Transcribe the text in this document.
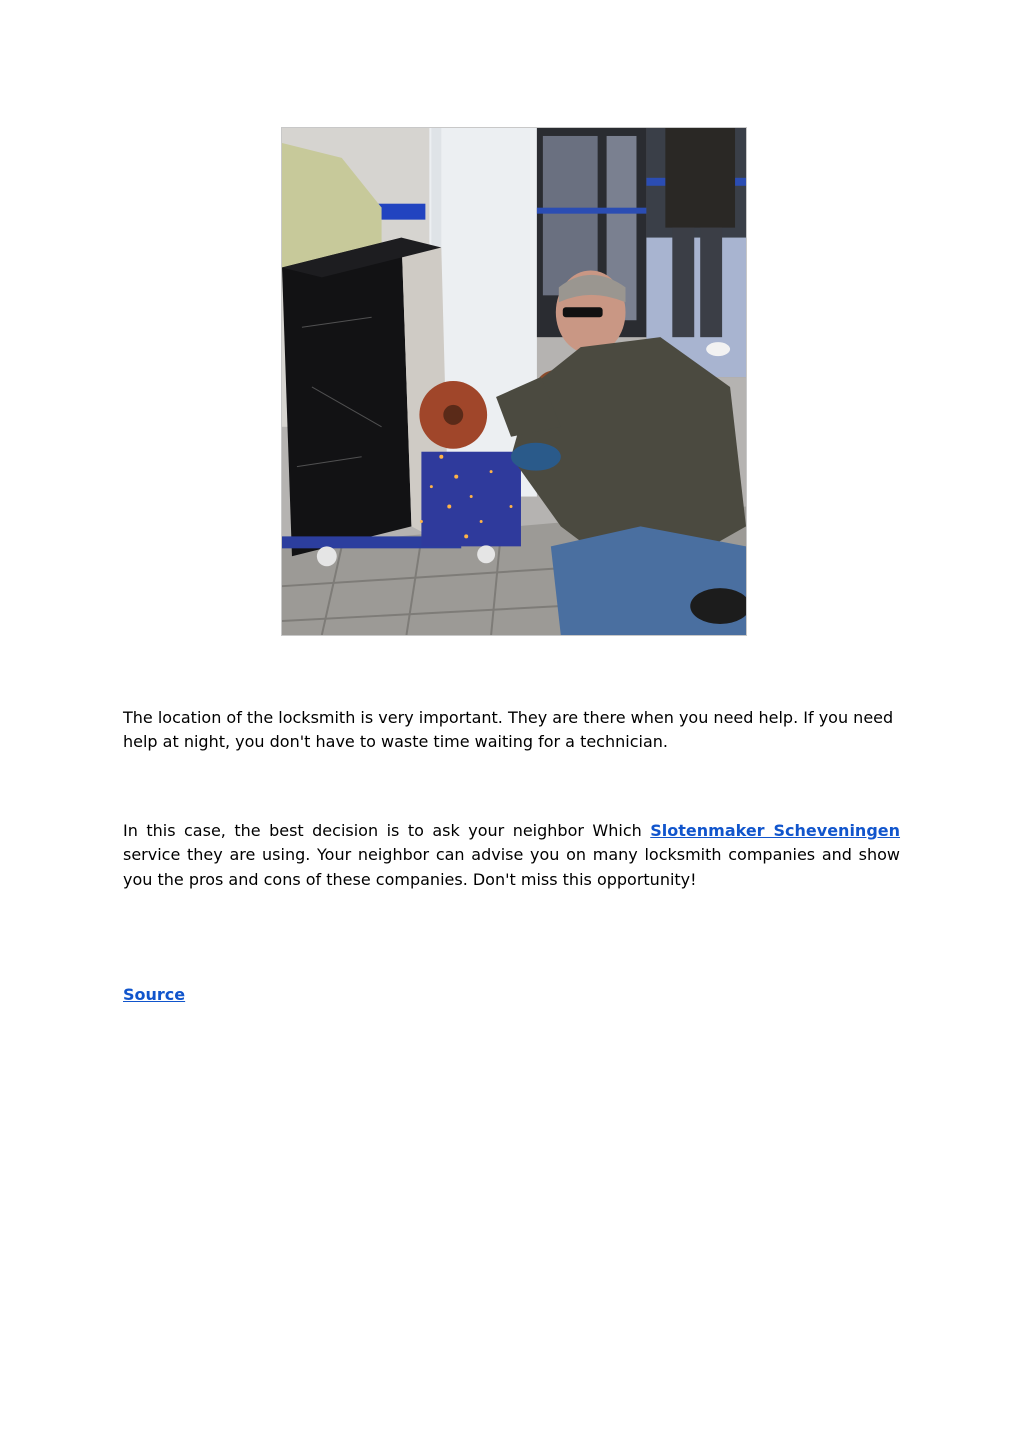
The location of the locksmith is very important. They are there when you need help. If you need help at night, you don't have to waste time waiting for a technician.

In this case, the best decision is to ask your neighbor Which Slotenmaker Scheveningen service they are using. Your neighbor can advise you on many locksmith companies and show you the pros and cons of these companies. Don't miss this opportunity!

Source
